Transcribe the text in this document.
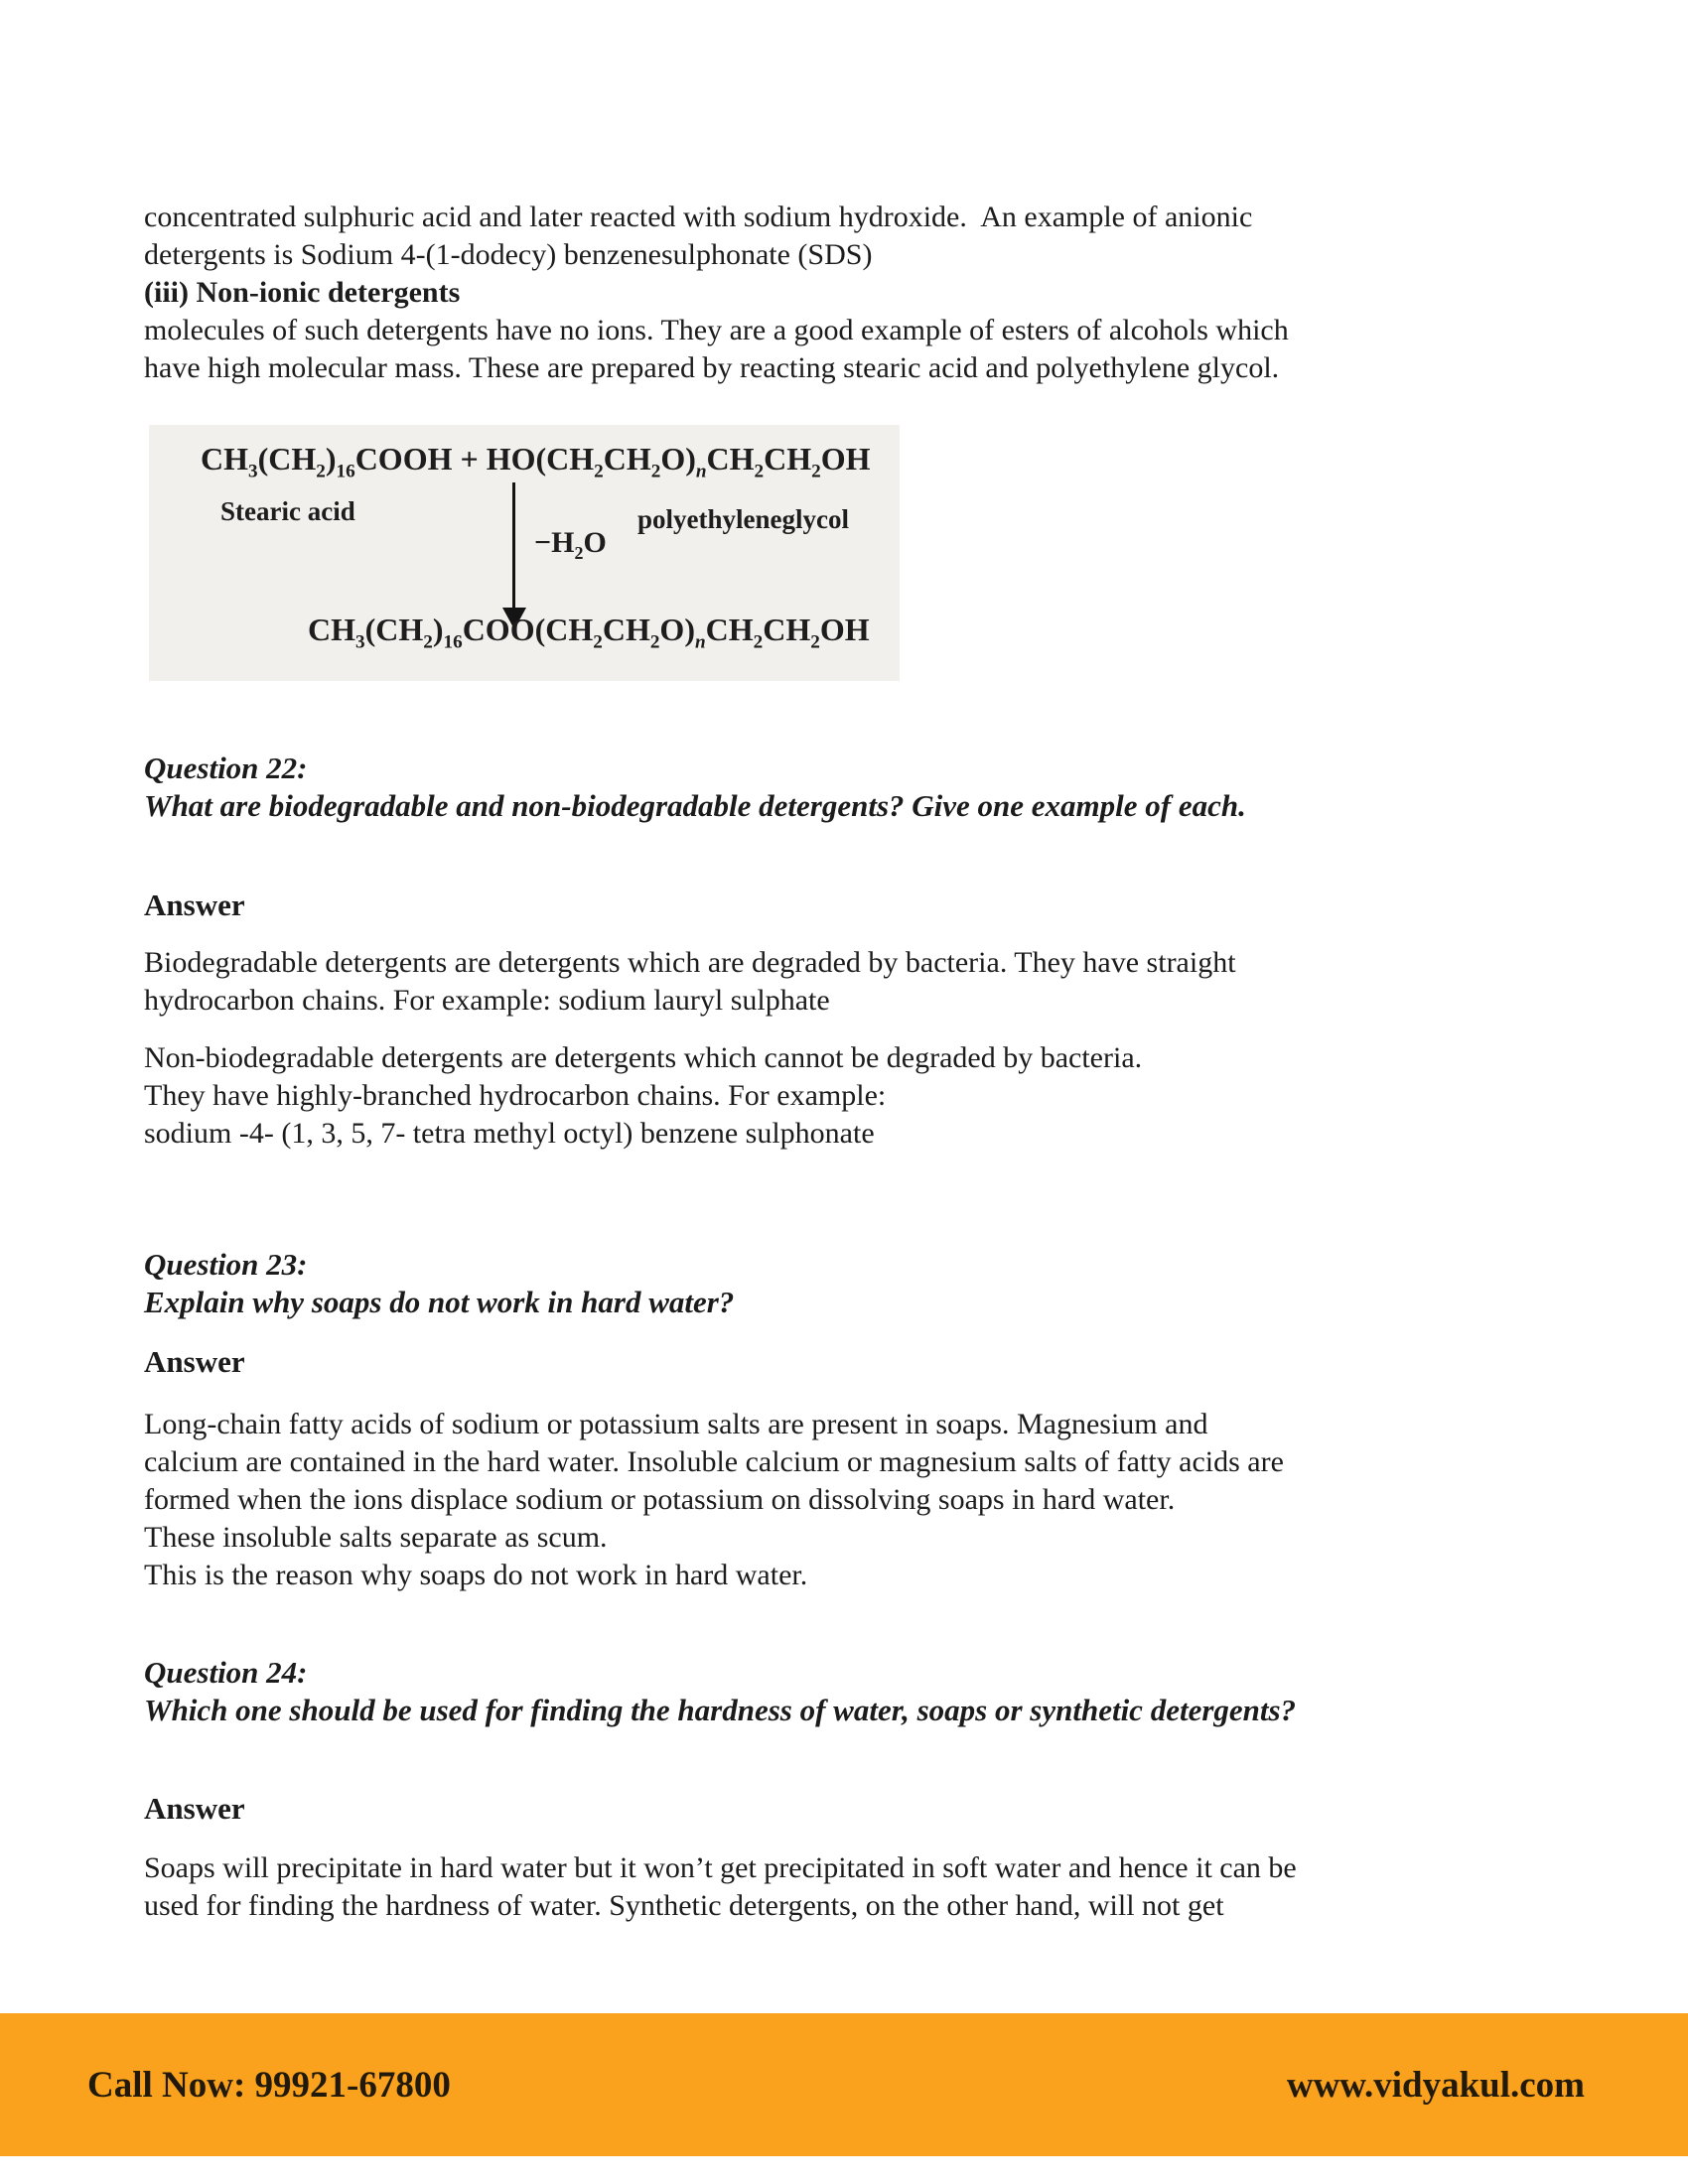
concentrated sulphuric acid and later reacted with sodium hydroxide.  An example of anionic
detergents is Sodium 4-(1-dodecy) benzenesulphonate (SDS)

(iii) Non-ionic detergents

molecules of such detergents have no ions. They are a good example of esters of alcohols which
have high molecular mass. These are prepared by reacting stearic acid and polyethylene glycol.

$CH_3(CH_2)_{16}COOH + HO(CH_2CH_2O)_nCH_2CH_2OH$
Stearic acid	polyethyleneglycol
$-H_2O$
$CH_3(CH_2)_{16}COO(CH_2CH_2O)_nCH_2CH_2OH$

Question 22:
What are biodegradable and non-biodegradable detergents? Give one example of each.

Answer

Biodegradable detergents are detergents which are degraded by bacteria. They have straight
hydrocarbon chains. For example: sodium lauryl sulphate

Non-biodegradable detergents are detergents which cannot be degraded by bacteria.
They have highly-branched hydrocarbon chains. For example:
sodium -4- (1, 3, 5, 7- tetra methyl octyl) benzene sulphonate

Question 23:
Explain why soaps do not work in hard water?

Answer

Long-chain fatty acids of sodium or potassium salts are present in soaps. Magnesium and
calcium are contained in the hard water. Insoluble calcium or magnesium salts of fatty acids are
formed when the ions displace sodium or potassium on dissolving soaps in hard water.
These insoluble salts separate as scum.
This is the reason why soaps do not work in hard water.

Question 24:
Which one should be used for finding the hardness of water, soaps or synthetic detergents?

Answer

Soaps will precipitate in hard water but it won’t get precipitated in soft water and hence it can be
used for finding the hardness of water. Synthetic detergents, on the other hand, will not get

Call Now: 99921-67800	www.vidyakul.com
